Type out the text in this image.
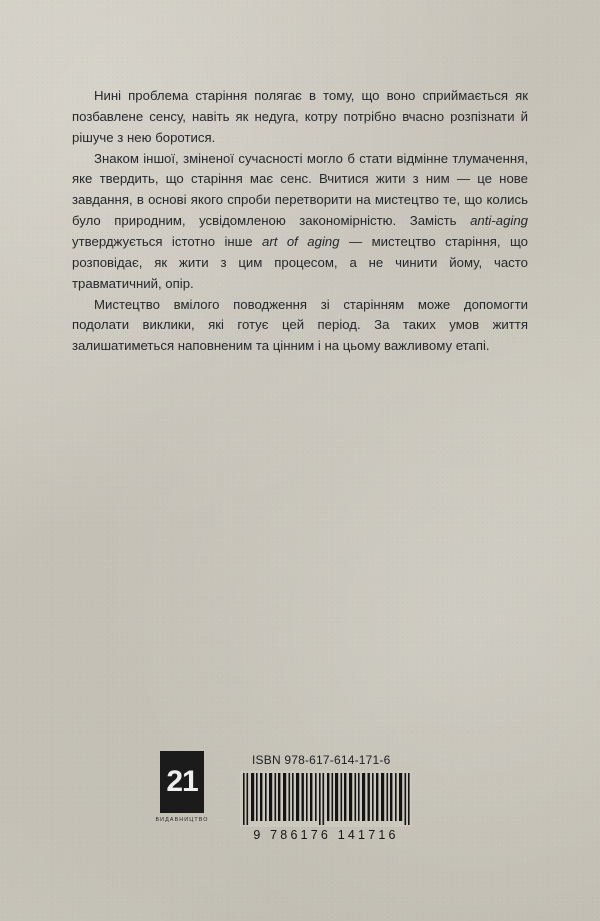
Нині проблема старіння полягає в тому, що воно сприймається як позбавлене сенсу, навіть як недуга, котру потрібно вчасно розпізнати й рішуче з нею боротися.

Знаком іншої, зміненої сучасності могло б стати відмінне тлумачення, яке твердить, що старіння має сенс. Вчитися жити з ним — це нове завдання, в основі якого спроби перетворити на мистецтво те, що колись було природним, усвідомленою закономірністю. Замість anti-aging утверджується істотно інше art of aging — мистецтво старіння, що розповідає, як жити з цим процесом, а не чинити йому, часто травматичний, опір.

Мистецтво вмілого поводження зі старінням може допомогти подолати виклики, які готує цей період. За таких умов життя залишатиметься наповненим та цінним і на цьому важливому етапі.

21
ВИДАВНИЦТВО
ISBN 978-617-614-171-6
9 786176 141716
